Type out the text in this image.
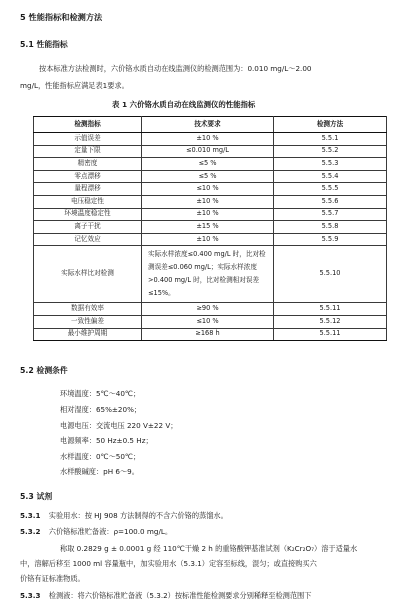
5 性能指标和检测方法
5.1 性能指标
按本标准方法检测时，六价铬水质自动在线监测仪的检测范围为：0.010 mg/L～2.00
mg/L，性能指标应满足表1要求。
表 1 六价铬水质自动在线监测仪的性能指标
检测指标	技术要求	检测方法
示值误差	±10 %	5.5.1
定量下限	≤0.010 mg/L	5.5.2
精密度	≤5 %	5.5.3
零点漂移	≤5 %	5.5.4
量程漂移	≤10 %	5.5.5
电压稳定性	±10 %	5.5.6
环境温度稳定性	±10 %	5.5.7
离子干扰	±15 %	5.5.8
记忆效应	±10 %	5.5.9
实际水样比对检测	实际水样浓度≤0.400 mg/L 时，比对检测误差≤0.060 mg/L；实际水样浓度>0.400 mg/L 时，比对检测相对误差≤15%。	5.5.10
数据有效率	≥90 %	5.5.11
一致性偏差	≤10 %	5.5.12
最小维护周期	≥168 h	5.5.11
5.2 检测条件
环境温度：5℃～40℃；
相对湿度：65%±20%；
电源电压：交流电压 220 V±22 V；
电源频率：50 Hz±0.5 Hz；
水样温度：0℃～50℃；
水样酸碱度：pH 6～9。
5.3 试剂
5.3.1 实验用水：按 HJ 908 方法制得的不含六价铬的蒸馏水。
5.3.2 六价铬标准贮备液：ρ=100.0 mg/L。
称取 0.2829 g ± 0.0001 g 经 110℃干燥 2 h 的重铬酸钾基准试剂（K₂Cr₂O₇）溶于适量水
中，溶解后移至 1000 ml 容量瓶中，加实验用水（5.3.1）定容至标线，混匀；或直接购买六
价铬有证标准物质。
5.3.3 检测液：将六价铬标准贮备液（5.3.2）按标准性能检测要求分别稀释至检测范围下
